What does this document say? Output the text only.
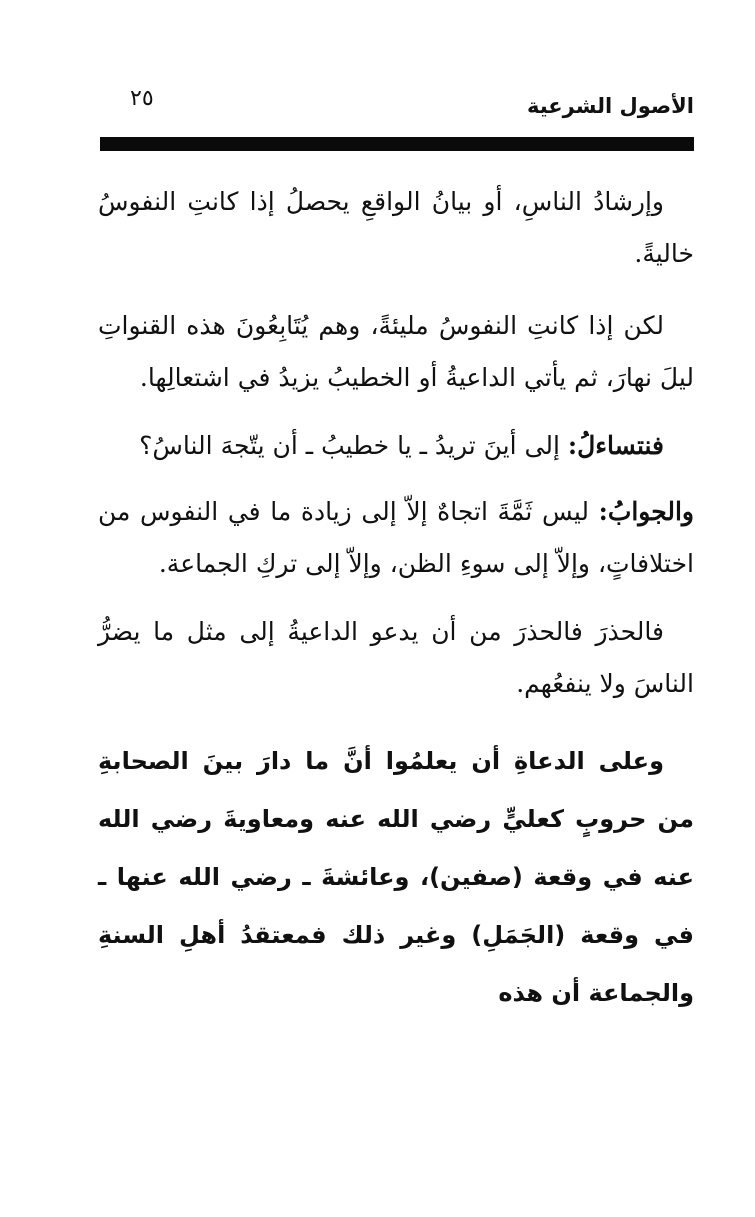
الأصول الشرعية
٢٥

وإرشادُ الناسِ، أو بيانُ الواقعِ يحصلُ إذا كانتِ النفوسُ خاليةً.

لكن إذا كانتِ النفوسُ مليئةً، وهم يُتَابِعُونَ هذه القنواتِ ليلَ نهارَ، ثم يأتي الداعيةُ أو الخطيبُ يزيدُ في اشتعالِها.

فنتساءلُ: إلى أينَ تريدُ ـ يا خطيبُ ـ أن يتّجهَ الناسُ؟

والجوابُ: ليس ثَمَّةَ اتجاهٌ إلاّ إلى زيادة ما في النفوس من اختلافاتٍ، وإلاّ إلى سوءِ الظن، وإلاّ إلى تركِ الجماعة.

فالحذرَ فالحذرَ من أن يدعو الداعيةُ إلى مثل ما يضرُّ الناسَ ولا ينفعُهم.

وعلى الدعاةِ أن يعلمُوا أنَّ ما دارَ بينَ الصحابةِ من حروبٍ كعليٍّ رضي الله عنه ومعاويةَ رضي الله عنه في وقعة (صفين)، وعائشةَ ـ رضي الله عنها ـ في وقعة (الجَمَلِ) وغير ذلك فمعتقدُ أهلِ السنةِ والجماعة أن هذه
